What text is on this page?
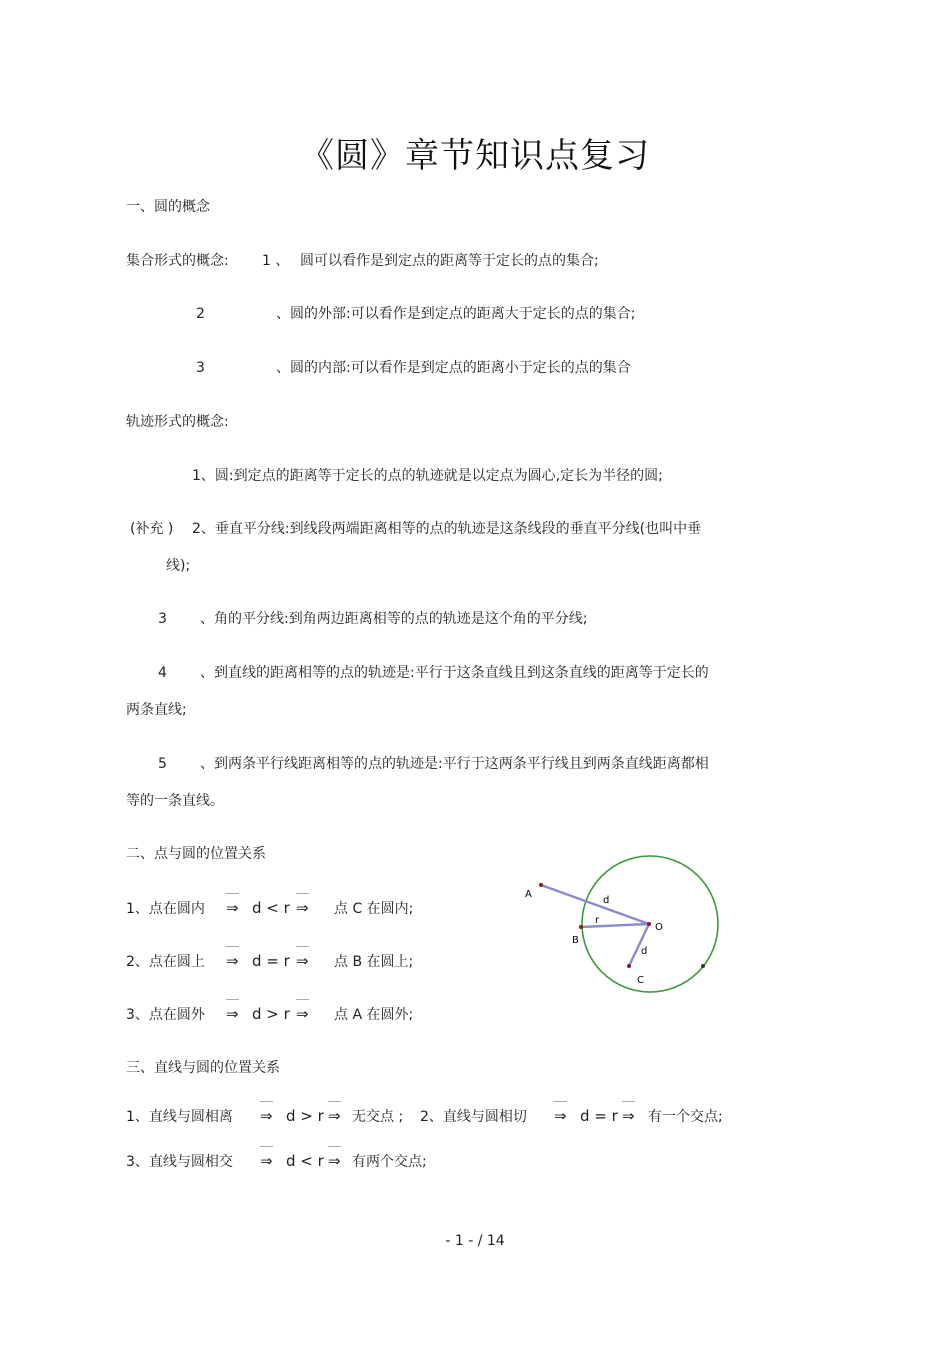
《圆》章节知识点复习
一、圆的概念
集合形式的概念: 1 、 圆可以看作是到定点的距离等于定长的点的集合;
2	、圆的外部:可以看作是到定点的距离大于定长的点的集合;
3	、圆的内部:可以看作是到定点的距离小于定长的点的集合
轨迹形式的概念:
1、圆:到定点的距离等于定长的点的轨迹就是以定点为圆心,定长为半径的圆;
(补充 ) 2、垂直平分线:到线段两端距离相等的点的轨迹是这条线段的垂直平分线(也叫中垂
线);
3 、角的平分线:到角两边距离相等的点的轨迹是这个角的平分线;
4 、到直线的距离相等的点的轨迹是:平行于这条直线且到这条直线的距离等于定长的
两条直线;
5 、到两条平行线距离相等的点的轨迹是:平行于这两条平行线且到两条直线距离都相
等的一条直线。
二、点与圆的位置关系
1、点在圆内 ⇒ d < r ⇒ 点 C 在圆内;
2、点在圆上 ⇒ d = r ⇒ 点 B 在圆上;
3、点在圆外 ⇒ d > r ⇒ 点 A 在圆外;
A
B
C
O
d
r
d
三、直线与圆的位置关系
1、直线与圆相离 ⇒ d > r ⇒ 无交点 ; 2、直线与圆相切 ⇒ d = r ⇒ 有一个交点;
3、直线与圆相交 ⇒ d < r ⇒ 有两个交点;
- 1 - / 14
